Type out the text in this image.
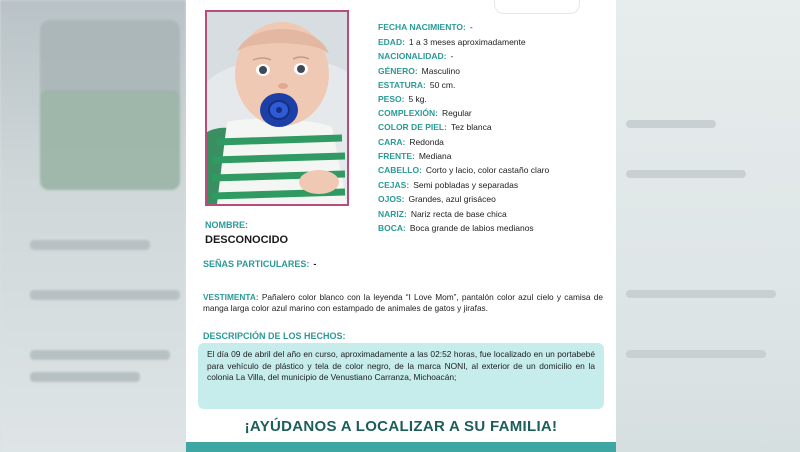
FECHA NACIMIENTO: -
EDAD: 1 a 3 meses aproximadamente
NACIONALIDAD: -
GÉNERO: Masculino
ESTATURA: 50 cm.
PESO: 5 kg.
COMPLEXIÓN: Regular
COLOR DE PIEL: Tez blanca
CARA: Redonda
FRENTE: Mediana
CABELLO: Corto y lacio, color castaño claro
CEJAS: Semi pobladas y separadas
OJOS: Grandes, azul grisáceo
NARIZ: Nariz recta de base chica
BOCA: Boca grande de labios medianos
NOMBRE:
DESCONOCIDO
SEÑAS PARTICULARES: -
VESTIMENTA: Pañalero color blanco con la leyenda “I Love Mom”, pantalón color azul cielo y camisa de manga larga color azul marino con estampado de animales de gatos y jirafas.
DESCRIPCIÓN DE LOS HECHOS:
El día 09 de abril del año en curso, aproximadamente a las 02:52 horas, fue localizado en un portabebé para vehículo de plástico y tela de color negro, de la marca NONI, al exterior de un domicilio en la colonia La Villa, del municipio de Venustiano Carranza, Michoacán;
¡AYÚDANOS A LOCALIZAR A SU FAMILIA!
